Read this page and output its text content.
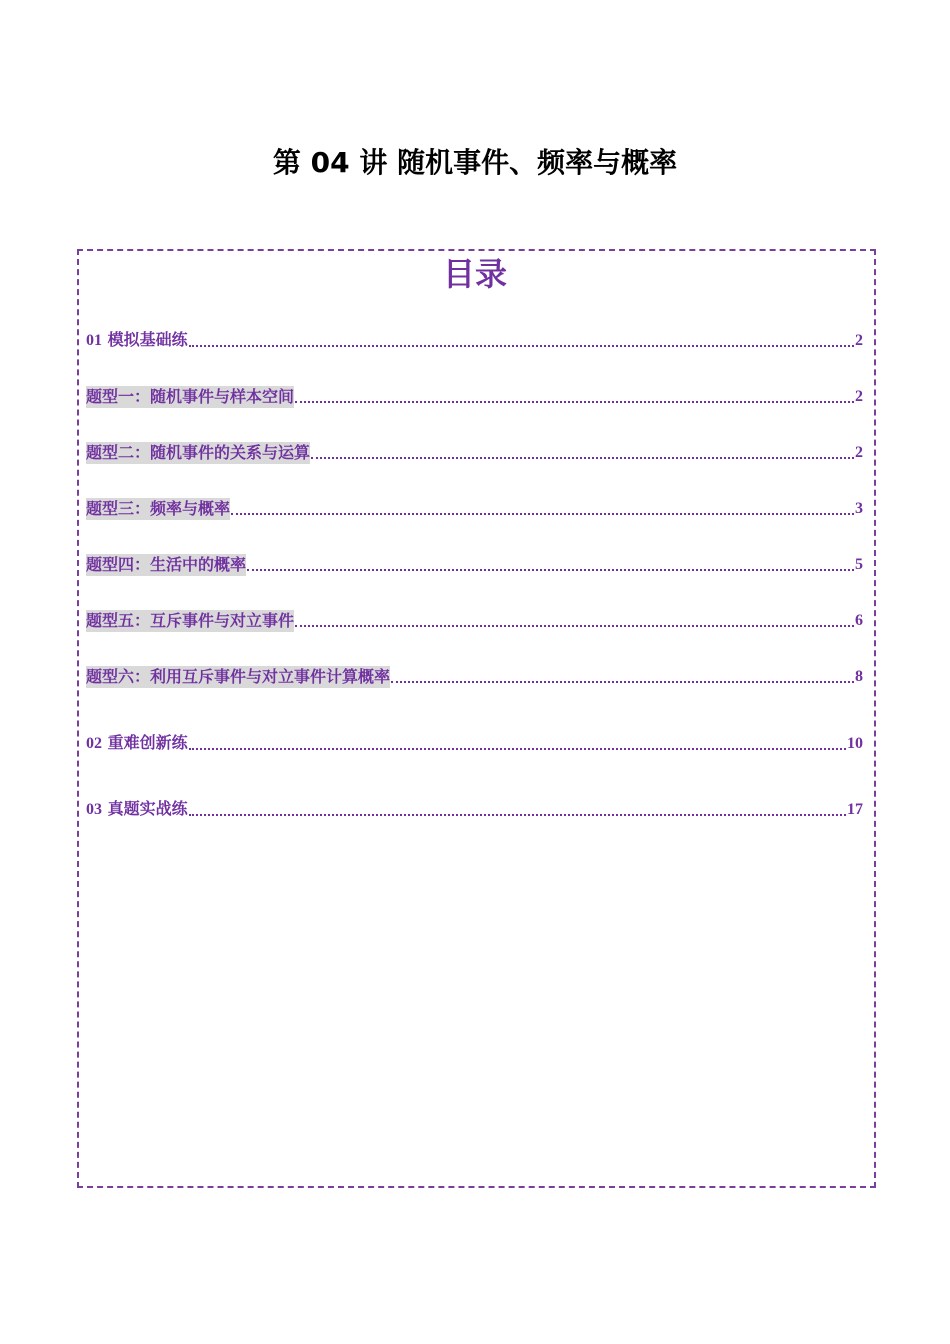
第 04 讲 随机事件、频率与概率
目录
01 模拟基础练	2
题型一：随机事件与样本空间	2
题型二：随机事件的关系与运算	2
题型三：频率与概率	3
题型四：生活中的概率	5
题型五：互斥事件与对立事件	6
题型六：利用互斥事件与对立事件计算概率	8
02 重难创新练	10
03 真题实战练	17
